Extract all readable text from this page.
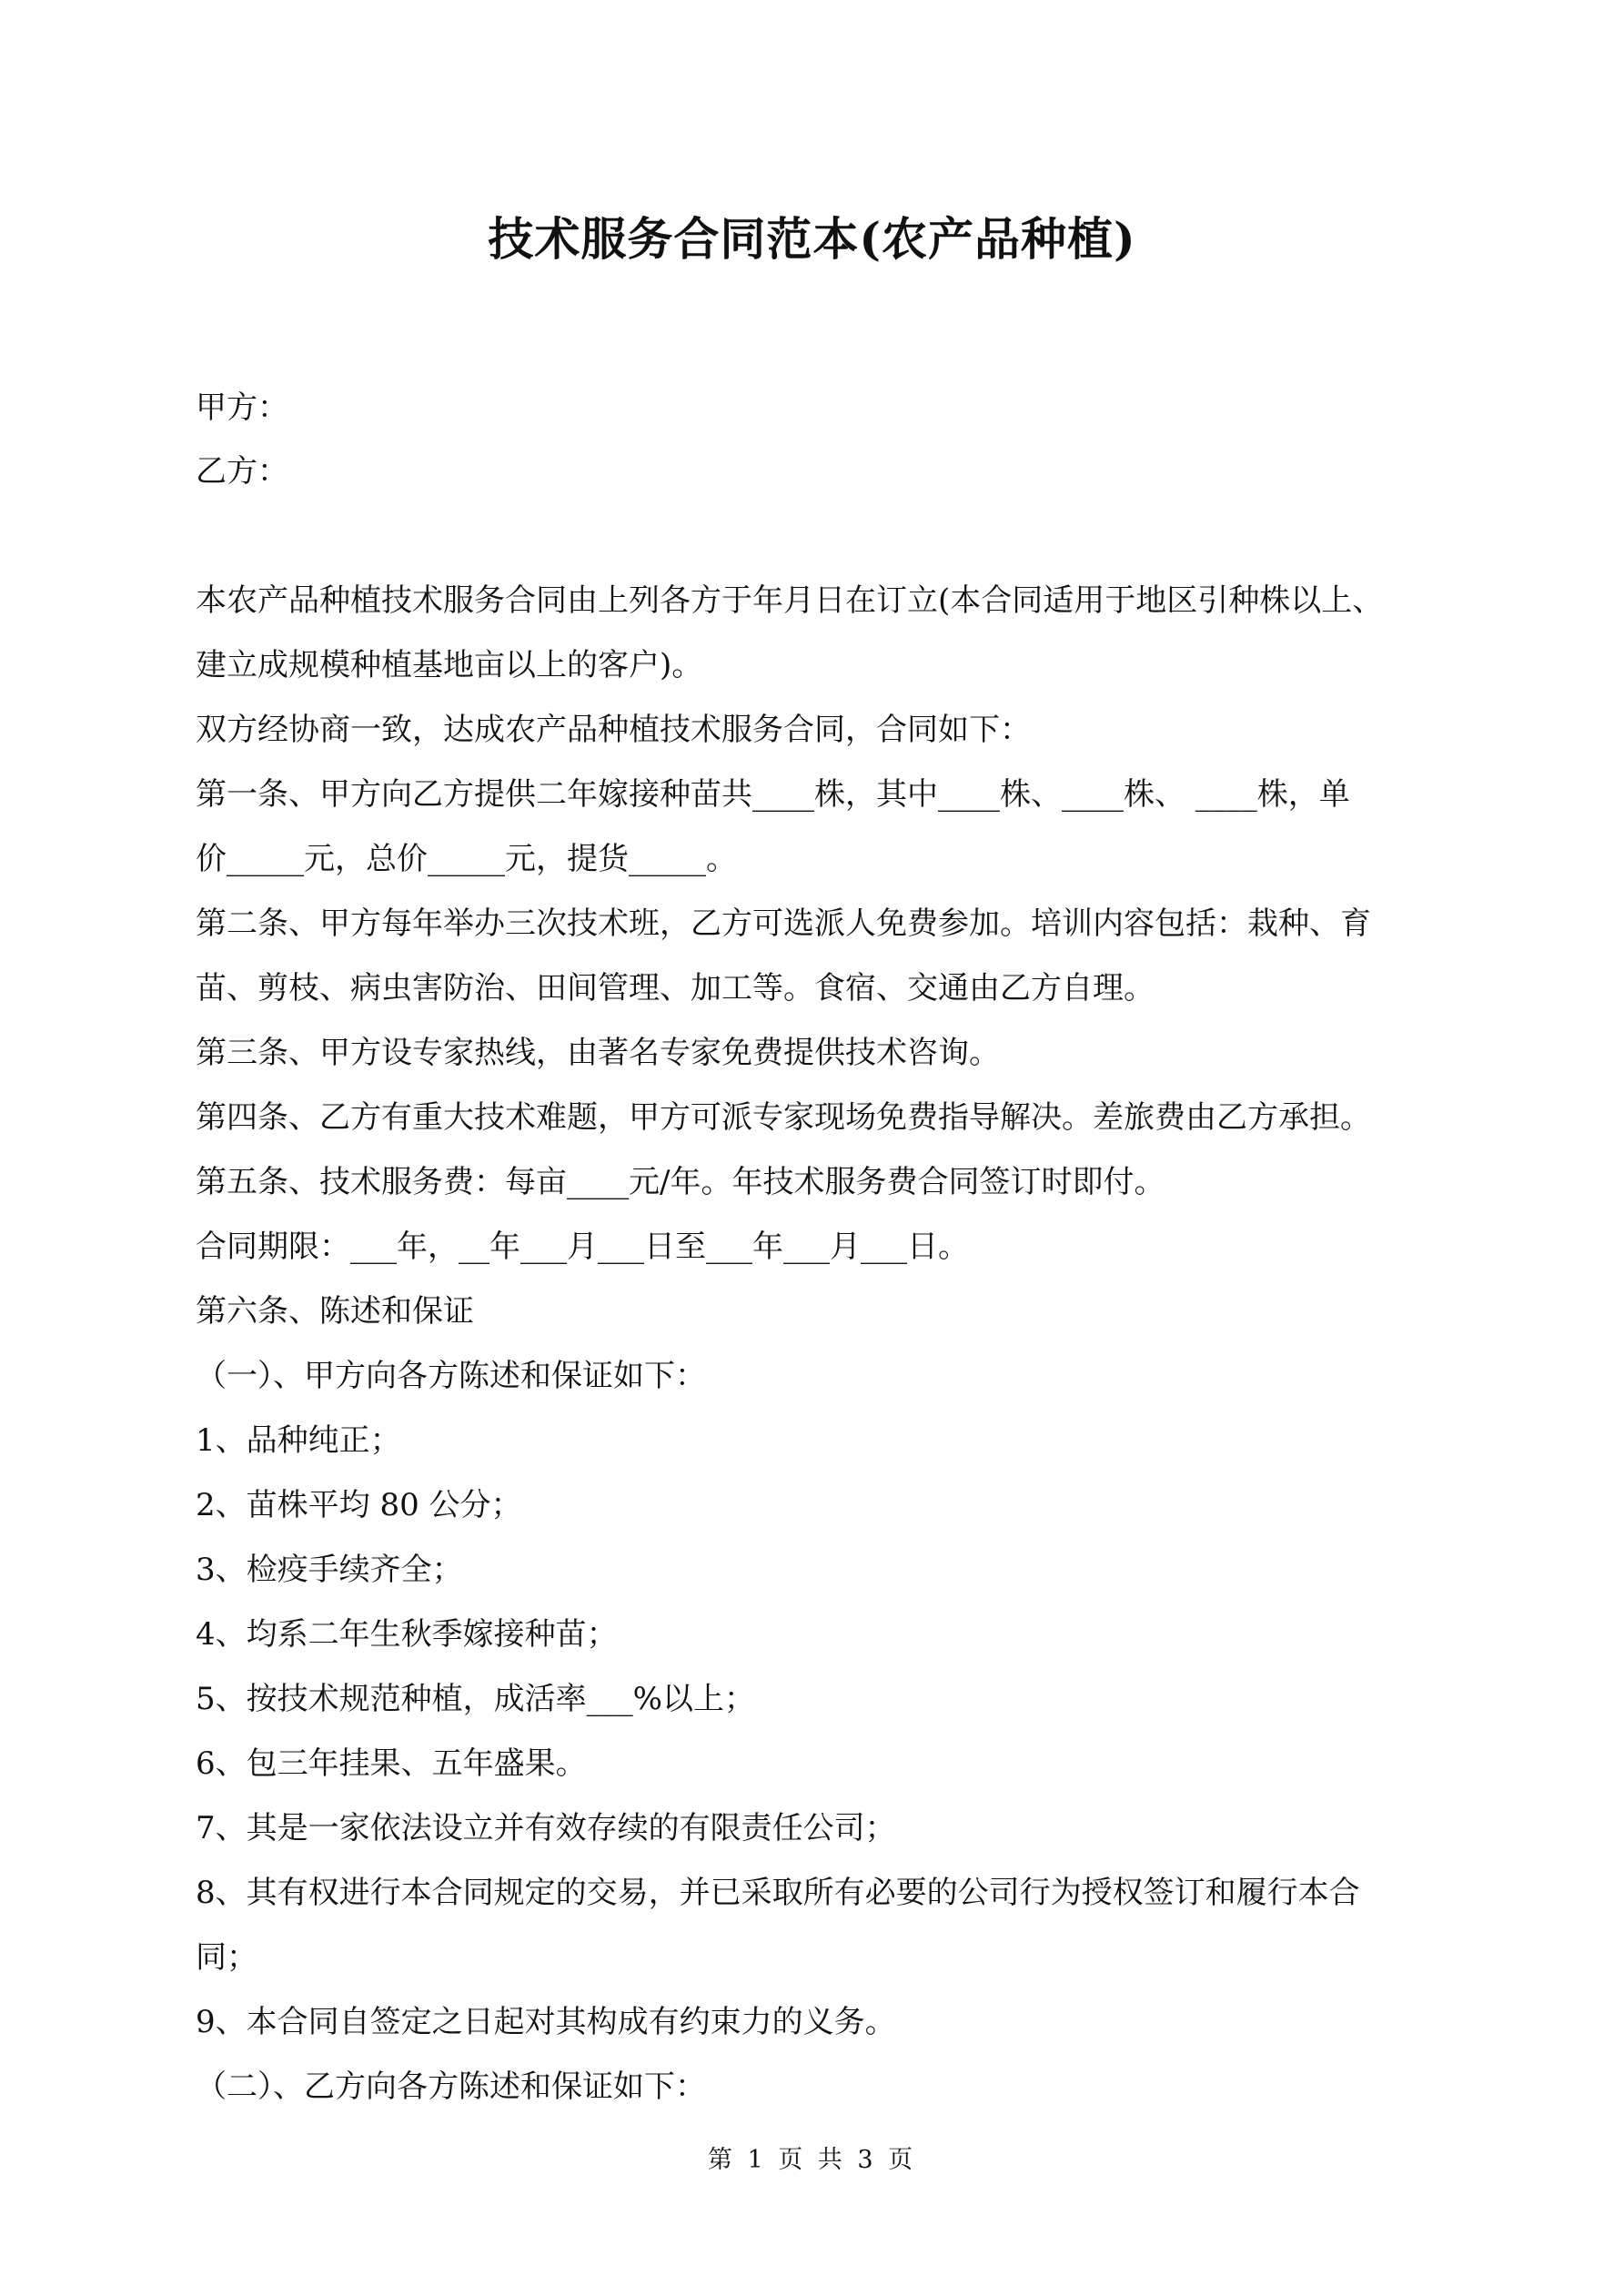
技术服务合同范本(农产品种植)
甲方：
乙方：
本农产品种植技术服务合同由上列各方于年月日在订立(本合同适用于地区引种株以上、
建立成规模种植基地亩以上的客户)。
双方经协商一致，达成农产品种植技术服务合同，合同如下：
第一条、甲方向乙方提供二年嫁接种苗共____株，其中____株、____株、 ____株，单
价_____元，总价_____元，提货_____。
第二条、甲方每年举办三次技术班，乙方可选派人免费参加。培训内容包括：栽种、育
苗、剪枝、病虫害防治、田间管理、加工等。食宿、交通由乙方自理。
第三条、甲方设专家热线，由著名专家免费提供技术咨询。
第四条、乙方有重大技术难题，甲方可派专家现场免费指导解决。差旅费由乙方承担。
第五条、技术服务费：每亩____元/年。年技术服务费合同签订时即付。
合同期限：___年，__年___月___日至___年___月___日。
第六条、陈述和保证
（一）、甲方向各方陈述和保证如下：
1、品种纯正；
2、苗株平均 80 公分；
3、检疫手续齐全；
4、均系二年生秋季嫁接种苗；
5、按技术规范种植，成活率___%以上；
6、包三年挂果、五年盛果。
7、其是一家依法设立并有效存续的有限责任公司；
8、其有权进行本合同规定的交易，并已采取所有必要的公司行为授权签订和履行本合
同；
9、本合同自签定之日起对其构成有约束力的义务。
（二）、乙方向各方陈述和保证如下：
第 1 页 共 3 页
